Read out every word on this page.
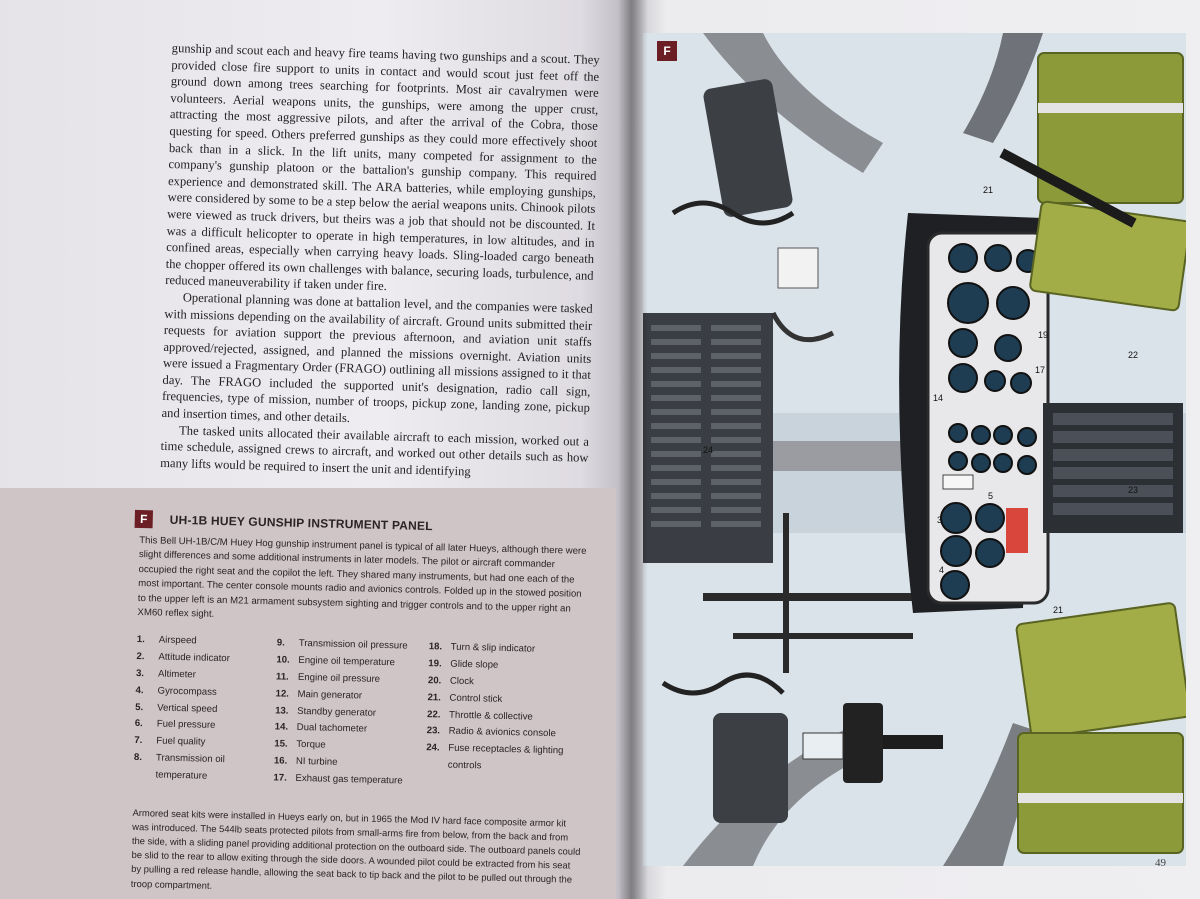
gunship and scout each and heavy fire teams having two gunships and a scout. They provided close fire support to units in contact and would scout just feet off the ground down among trees searching for footprints. Most air cavalrymen were volunteers. Aerial weapons units, the gunships, were among the upper crust, attracting the most aggressive pilots, and after the arrival of the Cobra, those questing for speed. Others preferred gunships as they could more effectively shoot back than in a slick. In the lift units, many competed for assignment to the company's gunship platoon or the battalion's gunship company. This required experience and demonstrated skill. The ARA batteries, while employing gunships, were considered by some to be a step below the aerial weapons units. Chinook pilots were viewed as truck drivers, but theirs was a job that should not be discounted. It was a difficult helicopter to operate in high temperatures, in low altitudes, and in confined areas, especially when carrying heavy loads. Sling-loaded cargo beneath the chopper offered its own challenges with balance, securing loads, turbulence, and reduced maneuverability if taken under fire.

Operational planning was done at battalion level, and the companies were tasked with missions depending on the availability of aircraft. Ground units submitted their requests for aviation support the previous afternoon, and aviation unit staffs approved/rejected, assigned, and planned the missions overnight. Aviation units were issued a Fragmentary Order (FRAGO) outlining all missions assigned to it that day. The FRAGO included the supported unit's designation, radio call sign, frequencies, type of mission, number of troops, pickup zone, landing zone, pickup and insertion times, and other details.

The tasked units allocated their available aircraft to each mission, worked out a time schedule, assigned crews to aircraft, and worked out other details such as how many lifts would be required to insert the unit and identifying

F	UH-1B HUEY GUNSHIP INSTRUMENT PANEL
This Bell UH-1B/C/M Huey Hog gunship instrument panel is typical of all later Hueys, although there were slight differences and some additional instruments in later models. The pilot or aircraft commander occupied the right seat and the copilot the left. They shared many instruments, but had one each of the most important. The center console mounts radio and avionics controls. Folded up in the stowed position to the upper left is an M21 armament subsystem sighting and trigger controls and to the upper right an XM60 reflex sight.
1.	Airspeed
2.	Attitude indicator
3.	Altimeter
4.	Gyrocompass
5.	Vertical speed
6.	Fuel pressure
7.	Fuel quality
8.	Transmission oil temperature
9.	Transmission oil pressure
10. Engine oil temperature
11. Engine oil pressure
12. Main generator
13. Standby generator
14. Dual tachometer
15. Torque
16. NI turbine
17. Exhaust gas temperature
18. Turn & slip indicator
19. Glide slope
20. Clock
21. Control stick
22. Throttle & collective
23. Radio & avionics console
24. Fuse receptacles & lighting controls
Armored seat kits were installed in Hueys early on, but in 1965 the Mod IV hard face composite armor kit was introduced. The 544lb seats protected pilots from small-arms fire from below, from the back and from the side, with a sliding panel providing additional protection on the outboard side. The outboard panels could be slid to the rear to allow exiting through the side doors. A wounded pilot could be extracted from his seat by pulling a red release handle, allowing the seat back to tip back and the pilot to be pulled out through the troop compartment.
F
21
22
23
24
21
3
4
5
14
17
19
49
